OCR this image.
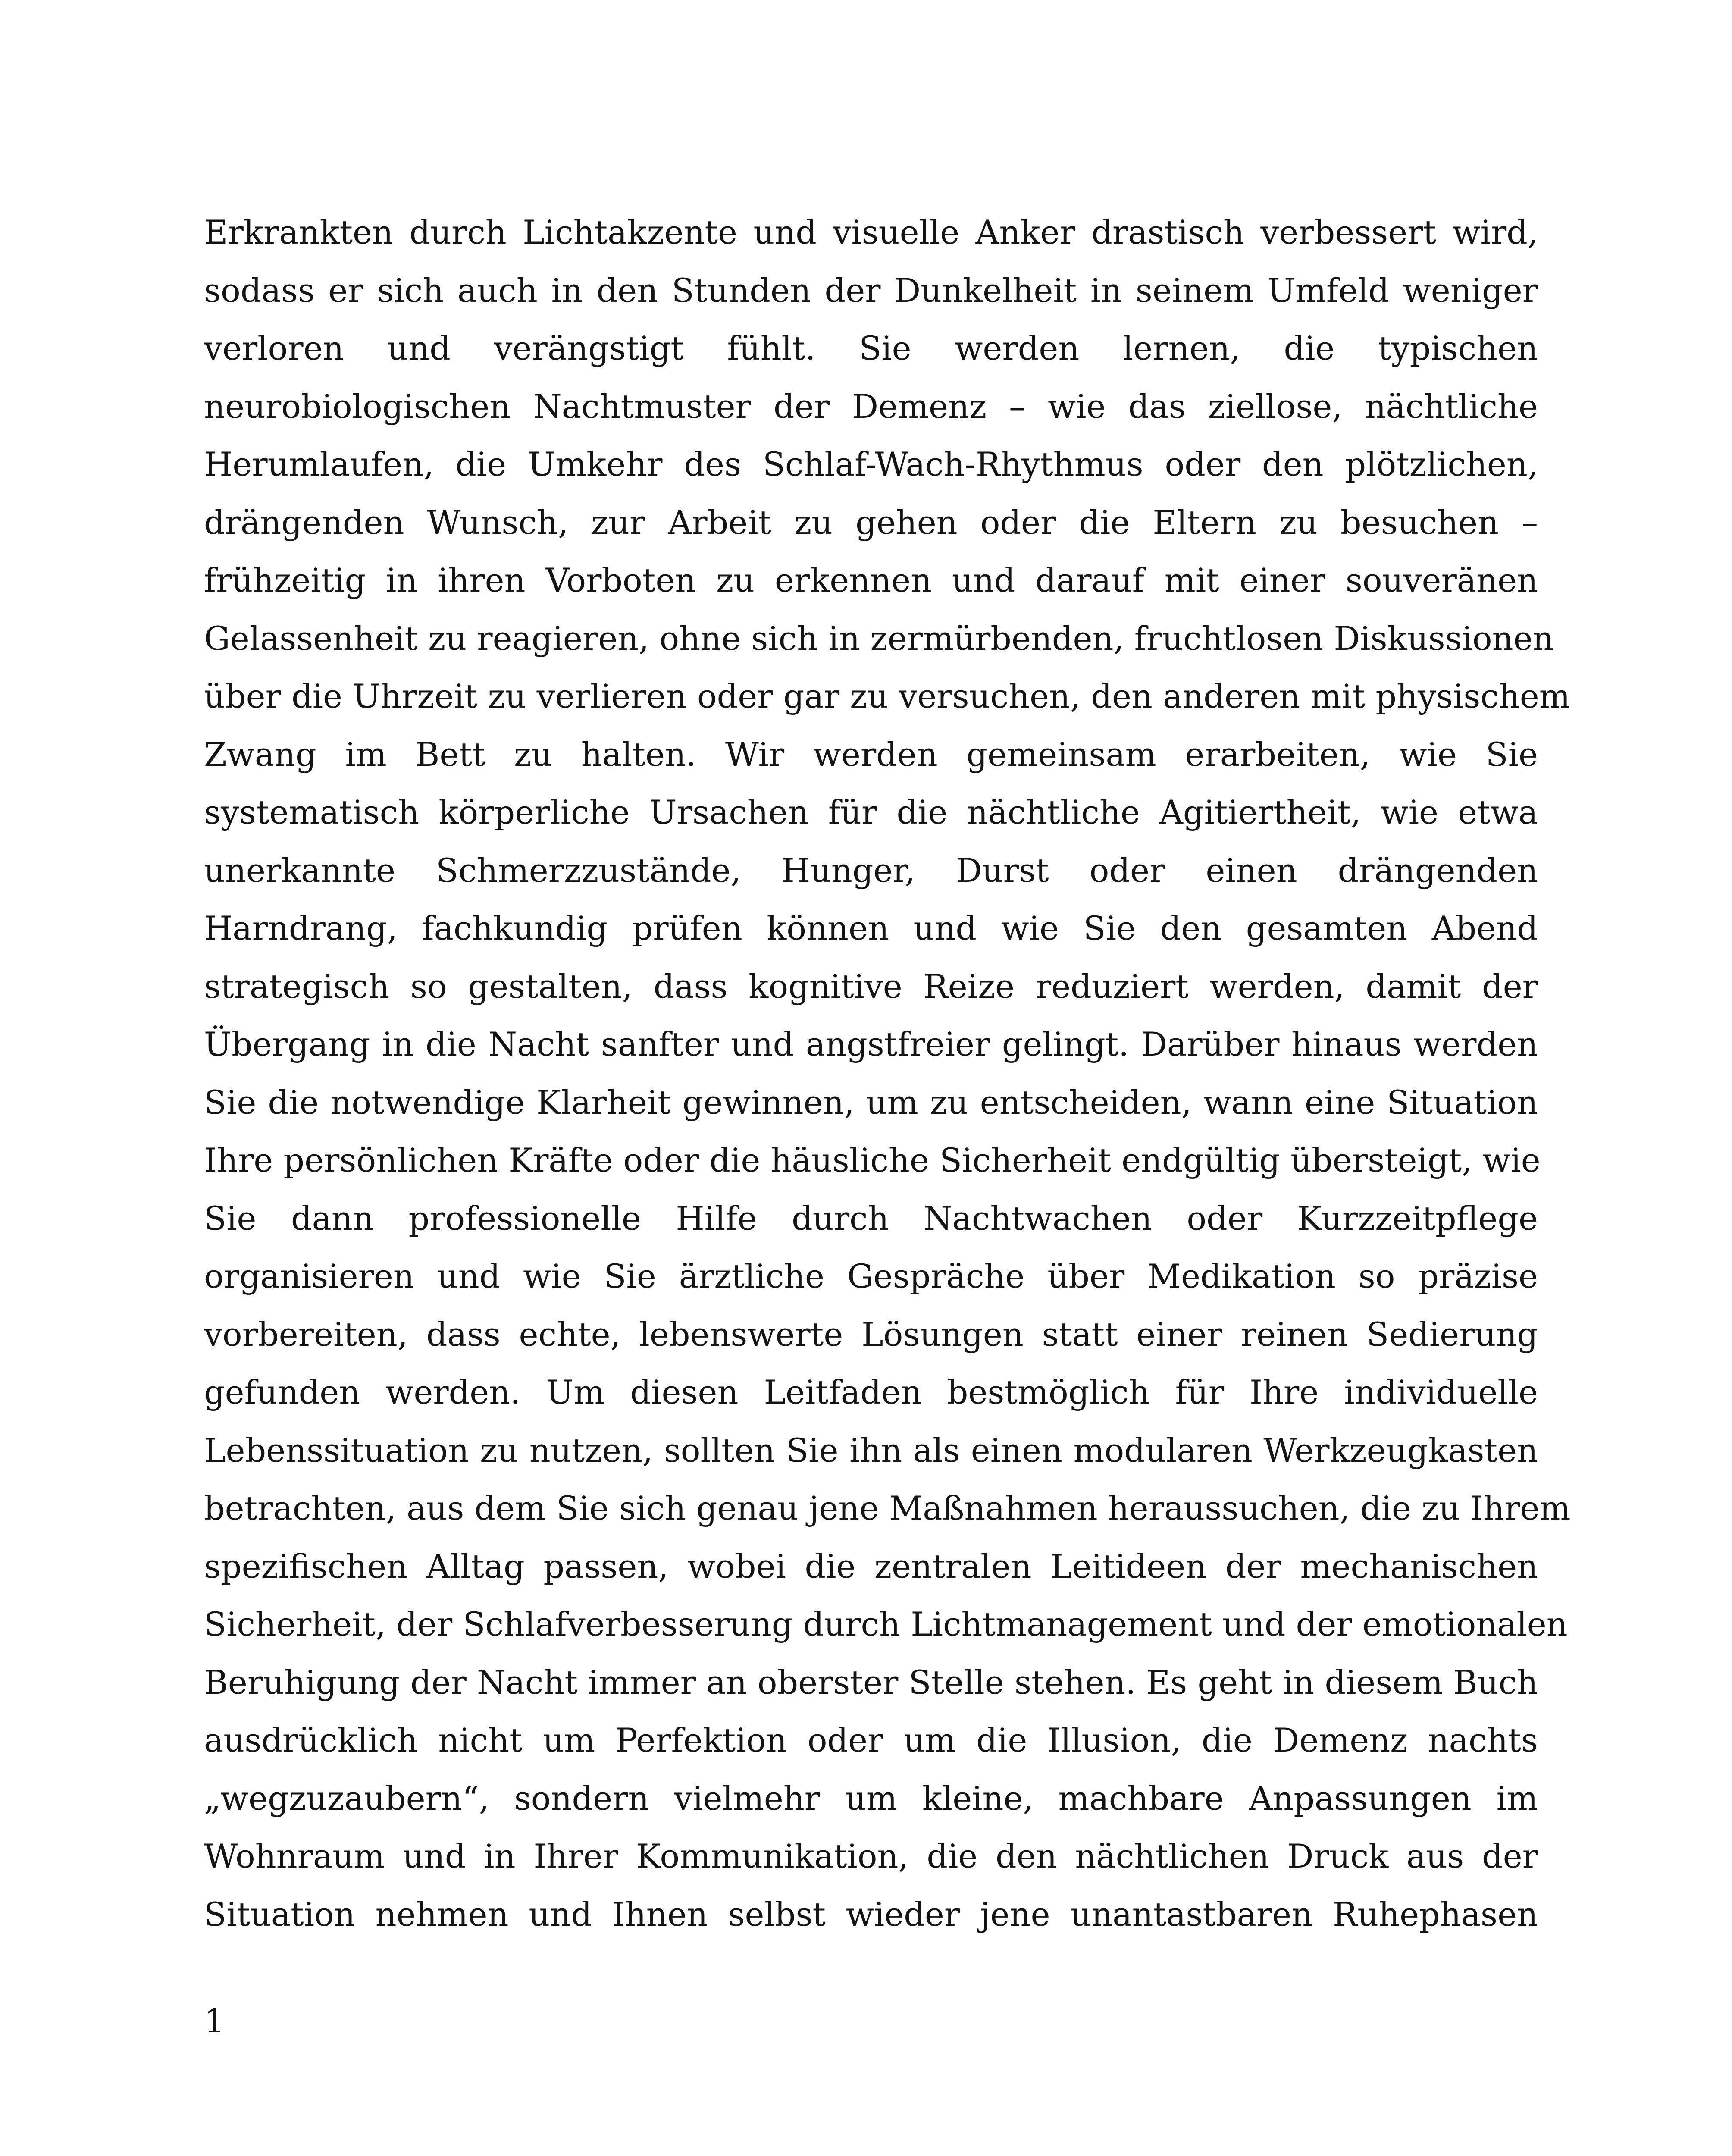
Erkrankten durch Lichtakzente und visuelle Anker drastisch verbessert wird,
sodass er sich auch in den Stunden der Dunkelheit in seinem Umfeld weniger
verloren und verängstigt fühlt. Sie werden lernen, die typischen
neurobiologischen Nachtmuster der Demenz – wie das ziellose, nächtliche
Herumlaufen, die Umkehr des Schlaf-Wach-Rhythmus oder den plötzlichen,
drängenden Wunsch, zur Arbeit zu gehen oder die Eltern zu besuchen –
frühzeitig in ihren Vorboten zu erkennen und darauf mit einer souveränen
Gelassenheit zu reagieren, ohne sich in zermürbenden, fruchtlosen Diskussionen
über die Uhrzeit zu verlieren oder gar zu versuchen, den anderen mit physischem
Zwang im Bett zu halten. Wir werden gemeinsam erarbeiten, wie Sie
systematisch körperliche Ursachen für die nächtliche Agitiertheit, wie etwa
unerkannte Schmerzzustände, Hunger, Durst oder einen drängenden
Harndrang, fachkundig prüfen können und wie Sie den gesamten Abend
strategisch so gestalten, dass kognitive Reize reduziert werden, damit der
Übergang in die Nacht sanfter und angstfreier gelingt. Darüber hinaus werden
Sie die notwendige Klarheit gewinnen, um zu entscheiden, wann eine Situation
Ihre persönlichen Kräfte oder die häusliche Sicherheit endgültig übersteigt, wie
Sie dann professionelle Hilfe durch Nachtwachen oder Kurzzeitpflege
organisieren und wie Sie ärztliche Gespräche über Medikation so präzise
vorbereiten, dass echte, lebenswerte Lösungen statt einer reinen Sedierung
gefunden werden. Um diesen Leitfaden bestmöglich für Ihre individuelle
Lebenssituation zu nutzen, sollten Sie ihn als einen modularen Werkzeugkasten
betrachten, aus dem Sie sich genau jene Maßnahmen heraussuchen, die zu Ihrem
spezifischen Alltag passen, wobei die zentralen Leitideen der mechanischen
Sicherheit, der Schlafverbesserung durch Lichtmanagement und der emotionalen
Beruhigung der Nacht immer an oberster Stelle stehen. Es geht in diesem Buch
ausdrücklich nicht um Perfektion oder um die Illusion, die Demenz nachts
„wegzuzaubern“, sondern vielmehr um kleine, machbare Anpassungen im
Wohnraum und in Ihrer Kommunikation, die den nächtlichen Druck aus der
Situation nehmen und Ihnen selbst wieder jene unantastbaren Ruhephasen
1
